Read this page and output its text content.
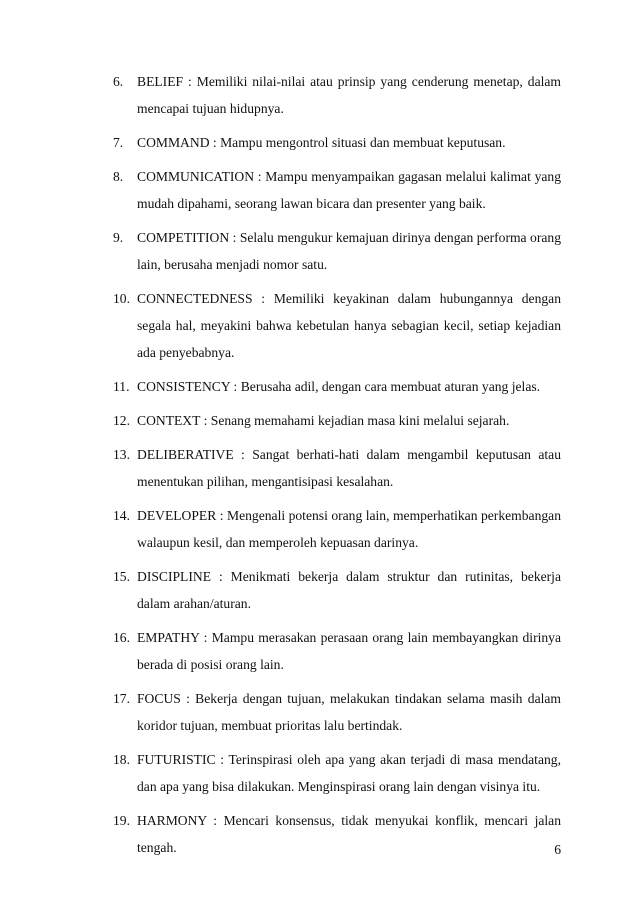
6.	BELIEF : Memiliki nilai-nilai atau prinsip yang cenderung menetap, dalam mencapai tujuan hidupnya.
7.	COMMAND : Mampu mengontrol situasi dan membuat keputusan.
8.	COMMUNICATION : Mampu menyampaikan gagasan melalui kalimat yang mudah dipahami, seorang lawan bicara dan presenter yang baik.
9.	COMPETITION : Selalu mengukur kemajuan dirinya dengan performa orang lain, berusaha menjadi nomor satu.
10. CONNECTEDNESS : Memiliki keyakinan dalam hubungannya dengan segala hal, meyakini bahwa kebetulan hanya sebagian kecil, setiap kejadian ada penyebabnya.
11. CONSISTENCY : Berusaha adil, dengan cara membuat aturan yang jelas.
12. CONTEXT : Senang memahami kejadian masa kini melalui sejarah.
13. DELIBERATIVE : Sangat berhati-hati dalam mengambil keputusan atau menentukan pilihan, mengantisipasi kesalahan.
14. DEVELOPER : Mengenali potensi orang lain, memperhatikan perkembangan walaupun kesil, dan memperoleh kepuasan darinya.
15. DISCIPLINE : Menikmati bekerja dalam struktur dan rutinitas, bekerja dalam arahan/aturan.
16. EMPATHY : Mampu merasakan perasaan orang lain membayangkan dirinya berada di posisi orang lain.
17. FOCUS : Bekerja dengan tujuan, melakukan tindakan selama masih dalam koridor tujuan, membuat prioritas lalu bertindak.
18. FUTURISTIC : Terinspirasi oleh apa yang akan terjadi di masa mendatang, dan apa yang bisa dilakukan. Menginspirasi orang lain dengan visinya itu.
19. HARMONY : Mencari konsensus, tidak menyukai konflik, mencari jalan tengah.	6
